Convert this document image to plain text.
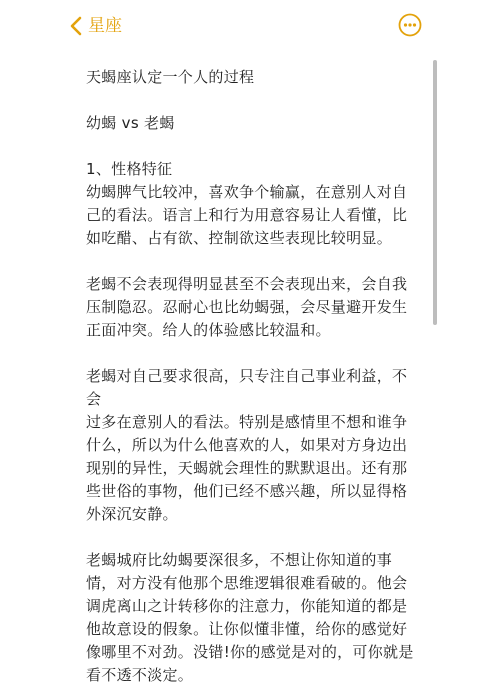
星座

天蝎座认定一个人的过程

幼蝎 vs 老蝎

1、性格特征

幼蝎脾气比较冲，喜欢争个输赢，在意别人对自
己的看法。语言上和行为用意容易让人看懂，比
如吃醋、占有欲、控制欲这些表现比较明显。

老蝎不会表现得明显甚至不会表现出来，会自我
压制隐忍。忍耐心也比幼蝎强，会尽量避开发生
正面冲突。给人的体验感比较温和。

老蝎对自己要求很高，只专注自己事业利益，不
会
过多在意别人的看法。特别是感情里不想和谁争
什么，所以为什么他喜欢的人，如果对方身边出
现别的异性，天蝎就会理性的默默退出。还有那
些世俗的事物，他们已经不感兴趣，所以显得格
外深沉安静。

老蝎城府比幼蝎要深很多，不想让你知道的事
情，对方没有他那个思维逻辑很难看破的。他会
调虎离山之计转移你的注意力，你能知道的都是
他故意设的假象。让你似懂非懂，给你的感觉好
像哪里不对劲。没错!你的感觉是对的，可你就是
看不透不淡定。
